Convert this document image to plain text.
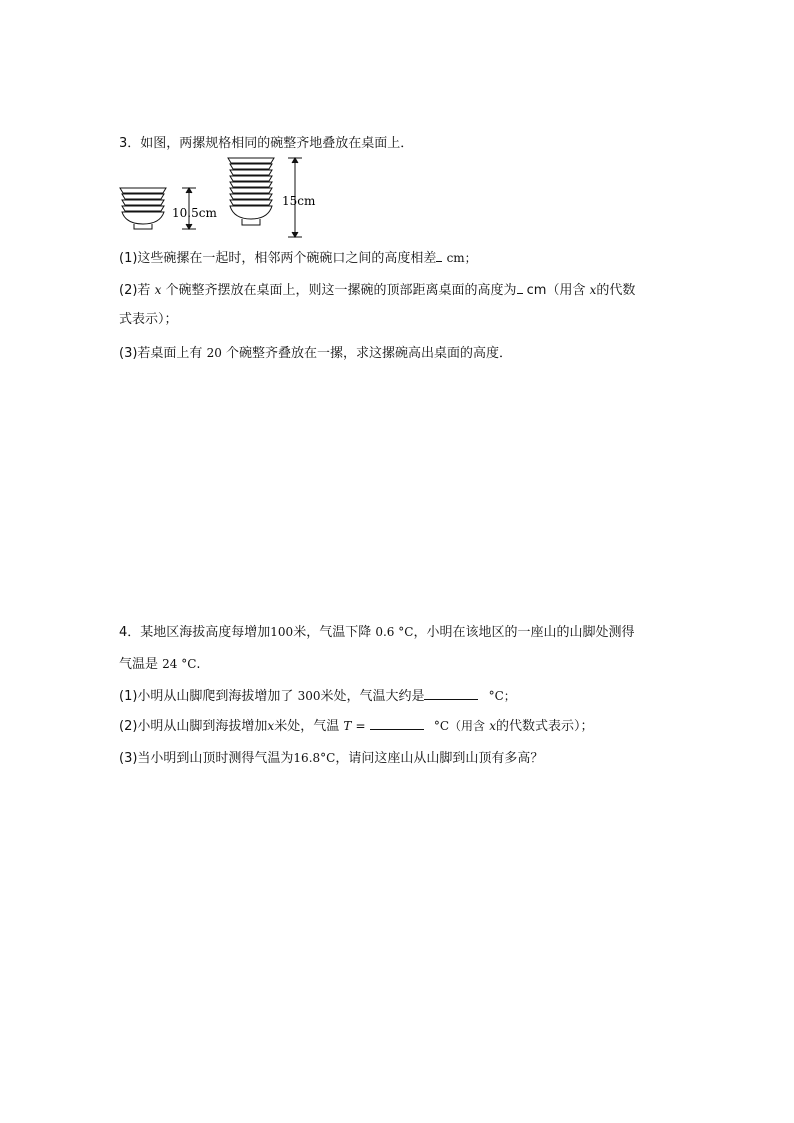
3．如图，两摞规格相同的碗整齐地叠放在桌面上．
10.5cm
15cm
(1)这些碗摞在一起时，相邻两个碗碗口之间的高度相差 cm；
(2)若 x 个碗整齐摆放在桌面上，则这一摞碗的顶部距离桌面的高度为 cm（用含 x的代数
式表示）；
(3)若桌面上有 20 个碗整齐叠放在一摞，求这摞碗高出桌面的高度．
4．某地区海拔高度每增加100米，气温下降 0.6 °C，小明在该地区的一座山的山脚处测得
气温是 24 °C.
(1)小明从山脚爬到海拔增加了 300米处，气温大约是	°C；
(2)小明从山脚到海拔增加x米处，气温 T =	°C（用含 x的代数式表示）；
(3)当小明到山顶时测得气温为16.8°C，请问这座山从山脚到山顶有多高？
